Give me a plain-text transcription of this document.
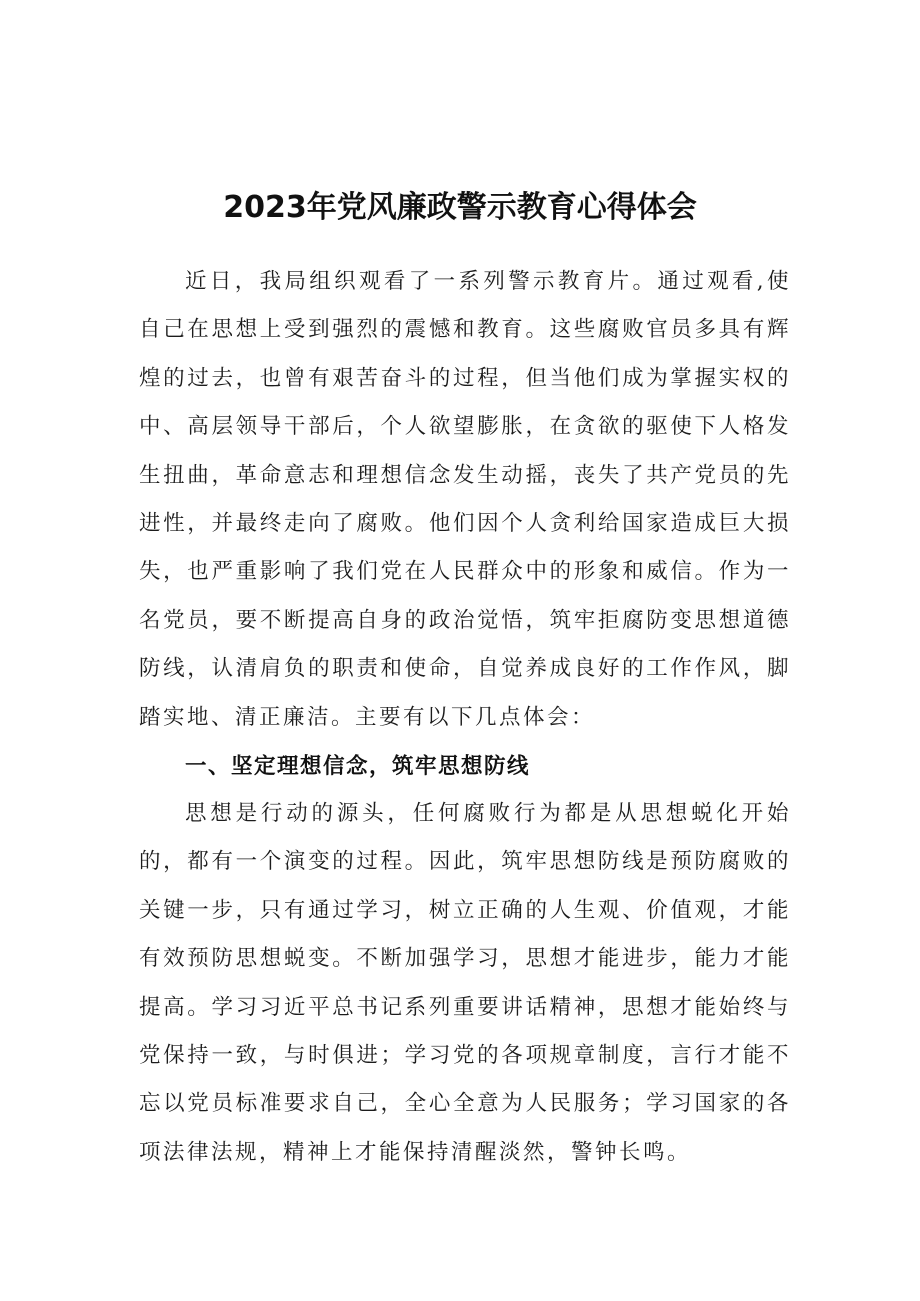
2023年党风廉政警示教育心得体会

近日，我局组织观看了一系列警示教育片。通过观看,使自己在思想上受到强烈的震憾和教育。这些腐败官员多具有辉煌的过去，也曾有艰苦奋斗的过程，但当他们成为掌握实权的中、高层领导干部后，个人欲望膨胀，在贪欲的驱使下人格发生扭曲，革命意志和理想信念发生动摇，丧失了共产党员的先进性，并最终走向了腐败。他们因个人贪利给国家造成巨大损失，也严重影响了我们党在人民群众中的形象和威信。作为一名党员，要不断提高自身的政治觉悟，筑牢拒腐防变思想道德防线，认清肩负的职责和使命，自觉养成良好的工作作风，脚踏实地、清正廉洁。主要有以下几点体会：

一、坚定理想信念，筑牢思想防线

思想是行动的源头，任何腐败行为都是从思想蜕化开始的，都有一个演变的过程。因此，筑牢思想防线是预防腐败的关键一步，只有通过学习，树立正确的人生观、价值观，才能有效预防思想蜕变。不断加强学习，思想才能进步，能力才能提高。学习习近平总书记系列重要讲话精神，思想才能始终与党保持一致，与时俱进；学习党的各项规章制度，言行才能不忘以党员标准要求自己，全心全意为人民服务；学习国家的各项法律法规，精神上才能保持清醒淡然，警钟长鸣。
